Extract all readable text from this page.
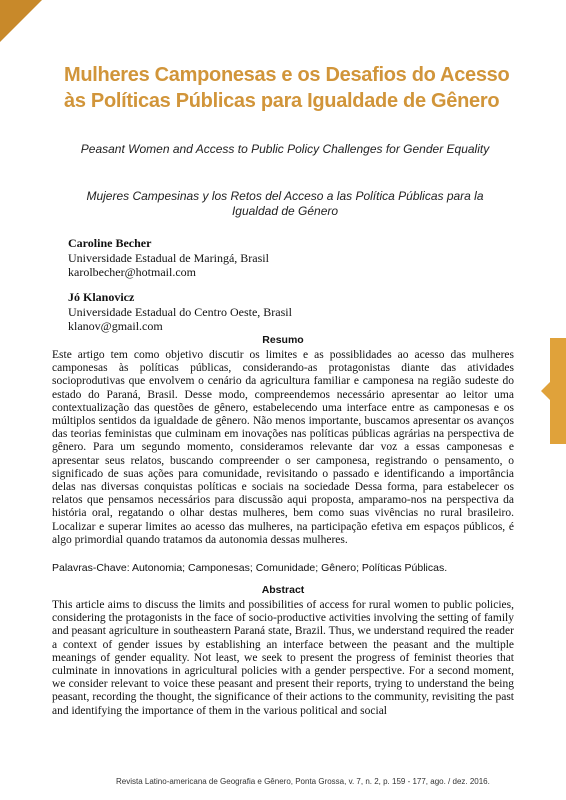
Mulheres Camponesas e os Desafios do Acesso às Políticas Públicas para Igualdade de Gênero

Peasant Women and Access to Public Policy Challenges for Gender Equality

Mujeres Campesinas y los Retos del Acceso a las Política Públicas para la Igualdad de Género

Caroline Becher
Universidade Estadual de Maringá, Brasil
karolbecher@hotmail.com
Jó Klanovicz
Universidade Estadual do Centro Oeste, Brasil
klanov@gmail.com
Resumo

Este artigo tem como objetivo discutir os limites e as possiblidades ao acesso das mulheres camponesas às políticas públicas, considerando-as protagonistas diante das atividades socioprodutivas que envolvem o cenário da agricultura familiar e camponesa na região sudeste do estado do Paraná, Brasil. Desse modo, compreendemos necessário apresentar ao leitor uma contextualização das questões de gênero, estabelecendo uma interface entre as camponesas e os múltiplos sentidos da igualdade de gênero. Não menos importante, buscamos apresentar os avanços das teorias feministas que culminam em inovações nas políticas públicas agrárias na perspectiva de gênero. Para um segundo momento, consideramos relevante dar voz a essas camponesas e apresentar seus relatos, buscando compreender o ser camponesa, registrando o pensamento, o significado de suas ações para comunidade, revisitando o passado e identificando a importância delas nas diversas conquistas políticas e sociais na sociedade Dessa forma, para estabelecer os relatos que pensamos necessários para discussão aqui proposta, amparamo-nos na perspectiva da história oral, regatando o olhar destas mulheres, bem como suas vivências no rural brasileiro. Localizar e superar limites ao acesso das mulheres, na participação efetiva em espaços públicos, é algo primordial quando tratamos da autonomia dessas mulheres.

Palavras-Chave: Autonomia; Camponesas; Comunidade; Gênero; Políticas Públicas.

Abstract

This article aims to discuss the limits and possibilities of access for rural women to public policies, considering the protagonists in the face of socio-productive activities involving the setting of family and peasant agriculture in southeastern Paraná state, Brazil. Thus, we understand required the reader a context of gender issues by establishing an interface between the peasant and the multiple meanings of gender equality. Not least, we seek to present the progress of feminist theories that culminate in innovations in agricultural policies with a gender perspective. For a second moment, we consider relevant to voice these peasant and present their reports, trying to understand the being peasant, recording the thought, the significance of their actions to the community, revisiting the past and identifying the importance of them in the various political and social

Revista Latino-americana de Geografia e Gênero, Ponta Grossa, v. 7, n. 2, p. 159 - 177, ago. / dez. 2016.
